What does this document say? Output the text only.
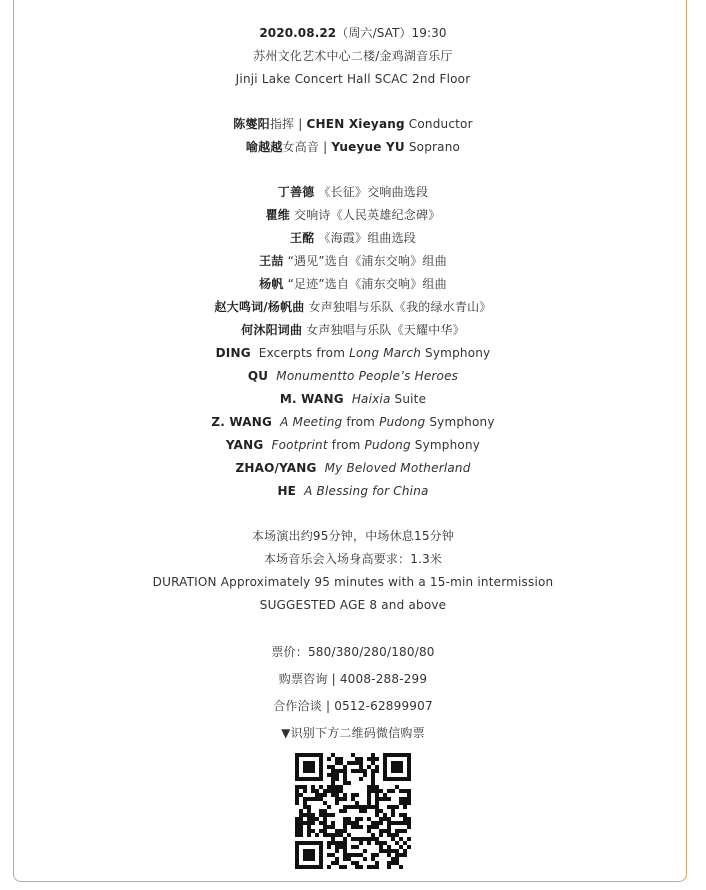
2020.08.22（周六/SAT）19:30
苏州文化艺术中心二楼/金鸡湖音乐厅
Jinji Lake Concert Hall SCAC 2nd Floor
陈燮阳指挥 | CHEN Xieyang Conductor
喻越越女高音 | Yueyue YU Soprano
丁善德 《长征》交响曲选段
瞿维 交响诗《人民英雄纪念碑》
王酩 《海霞》组曲选段
王喆 “遇见”选自《浦东交响》组曲
杨帆 “足迹”选自《浦东交响》组曲
赵大鸣词/杨帆曲 女声独唱与乐队《我的绿水青山》
何沐阳词曲 女声独唱与乐队《天耀中华》
DING Excerpts from Long March Symphony
QU Monumentto People’s Heroes
M. WANG Haixia Suite
Z. WANG A Meeting from Pudong Symphony
YANG Footprint from Pudong Symphony
ZHAO/YANG My Beloved Motherland
HE A Blessing for China
本场演出约95分钟，中场休息15分钟
本场音乐会入场身高要求：1.3米
DURATION Approximately 95 minutes with a 15-min intermission
SUGGESTED AGE 8 and above
票价：580/380/280/180/80
购票咨询 | 4008-288-299
合作洽谈 | 0512-62899907
▼识别下方二维码微信购票
